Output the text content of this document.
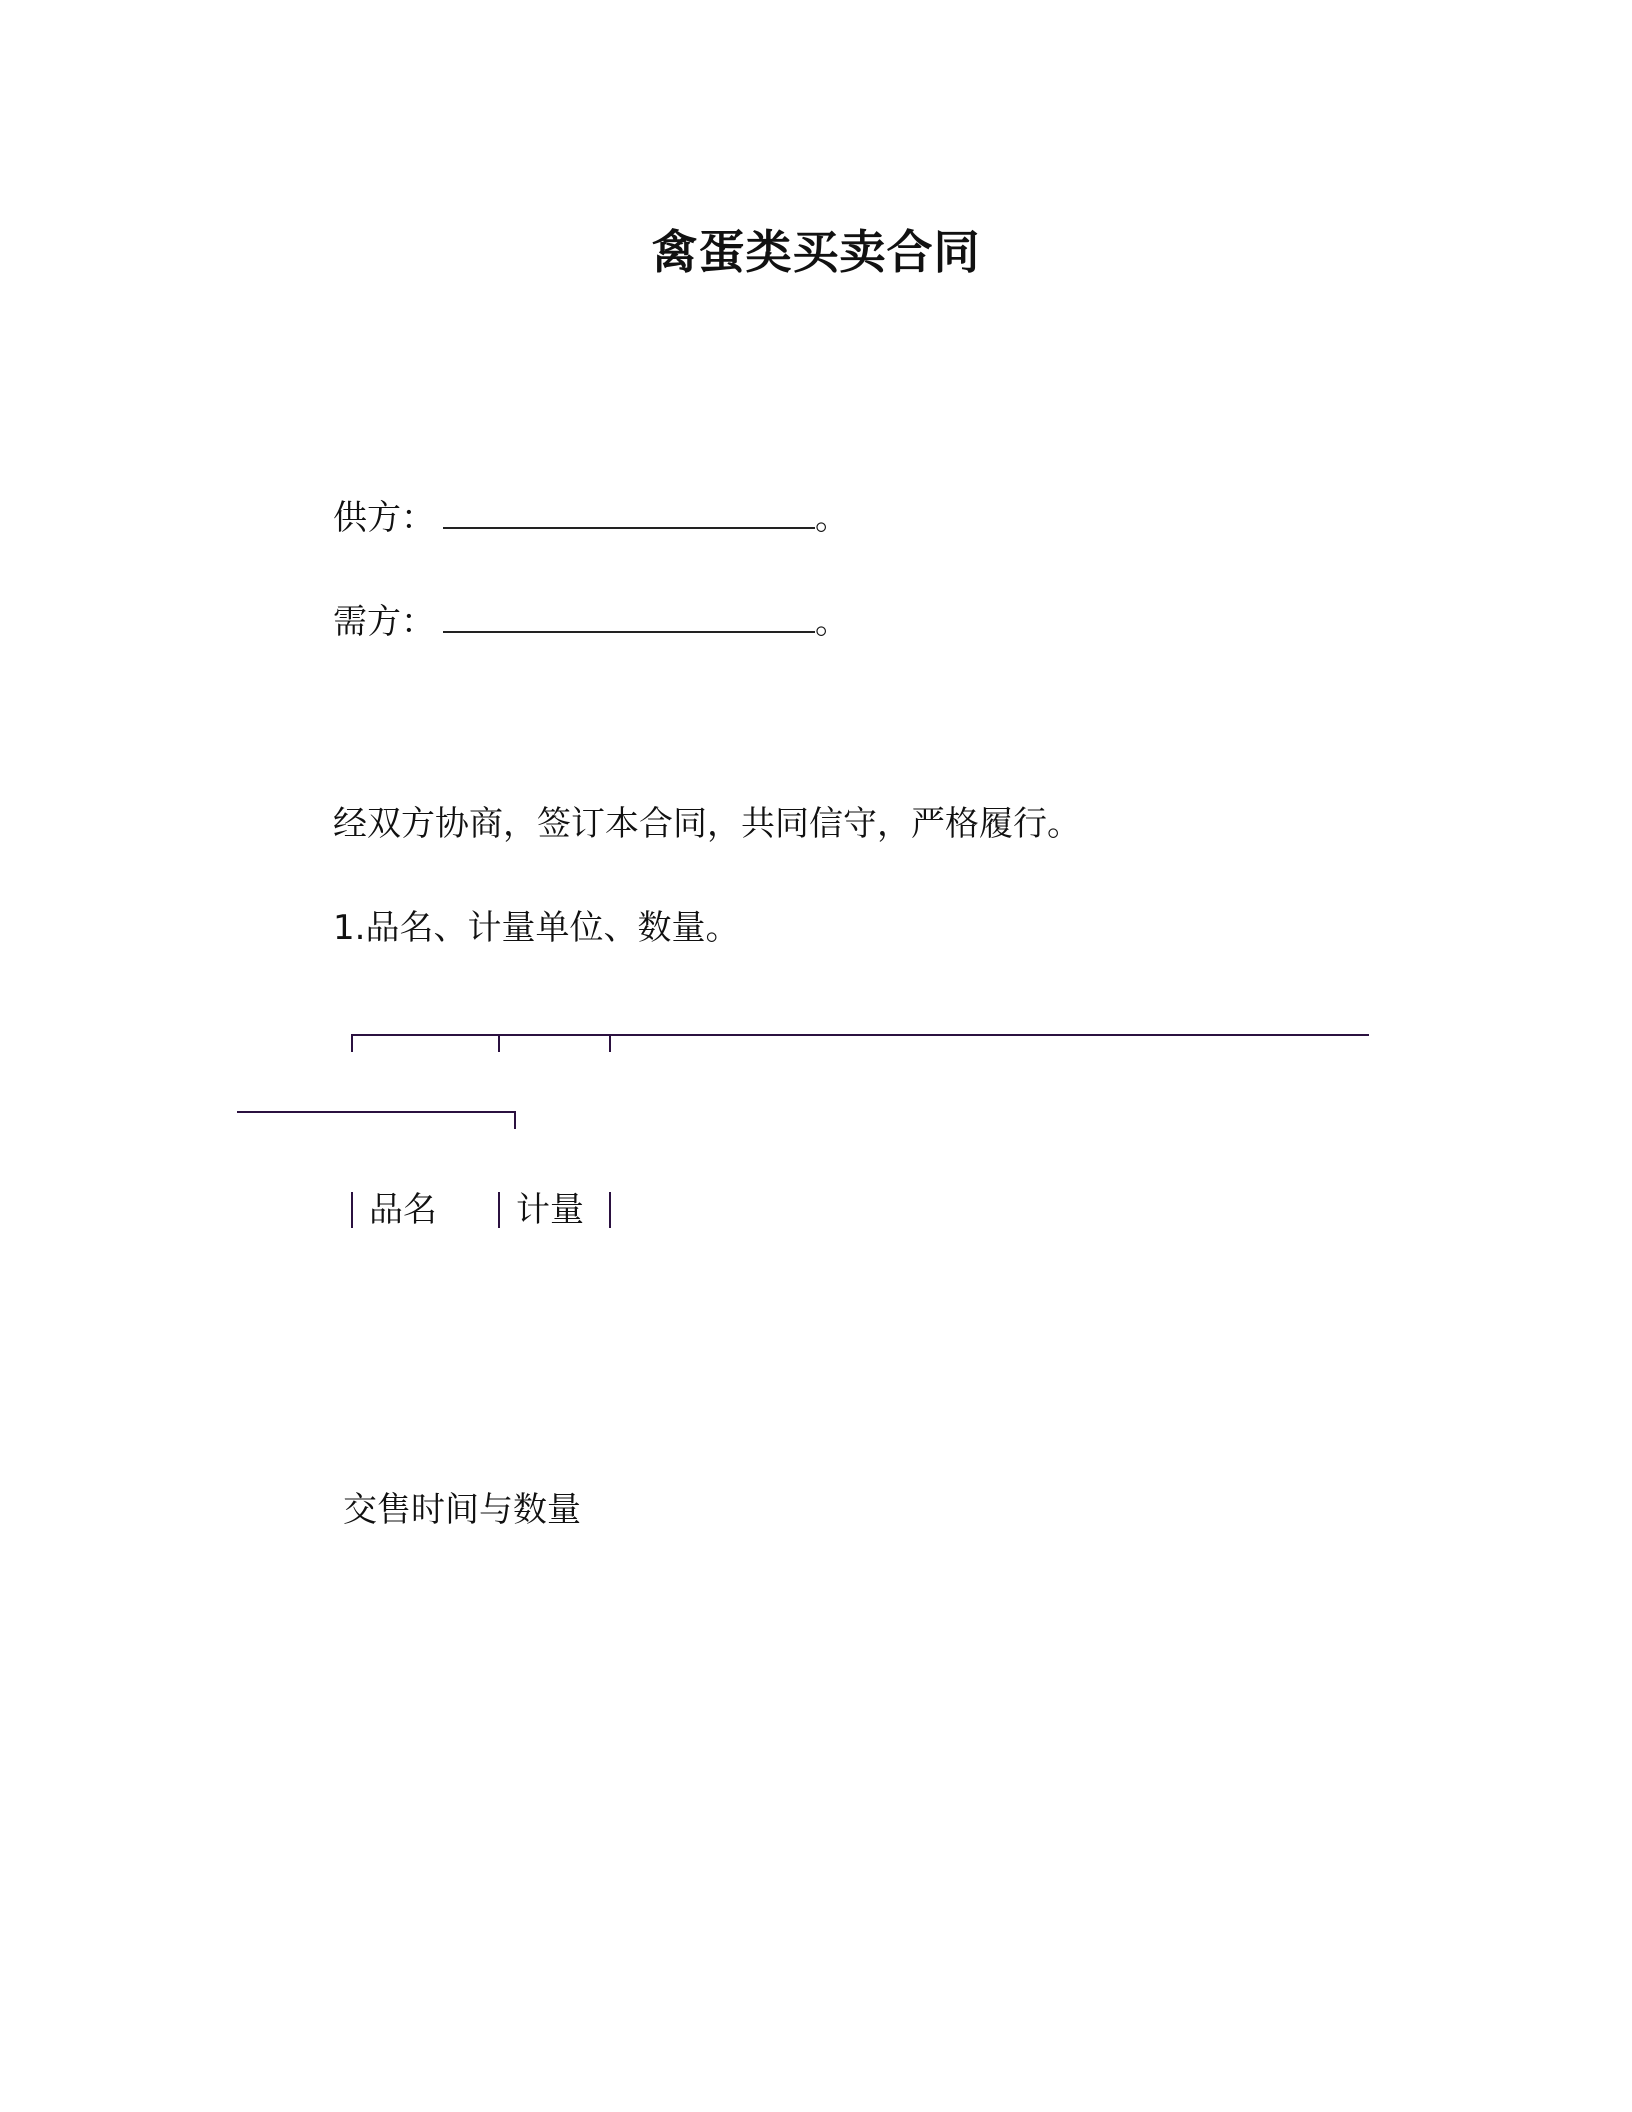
禽蛋类买卖合同
供方：	。
需方：	。
经双方协商，签订本合同，共同信守，严格履行。
1.品名、计量单位、数量。
品名 计量
交售时间与数量
